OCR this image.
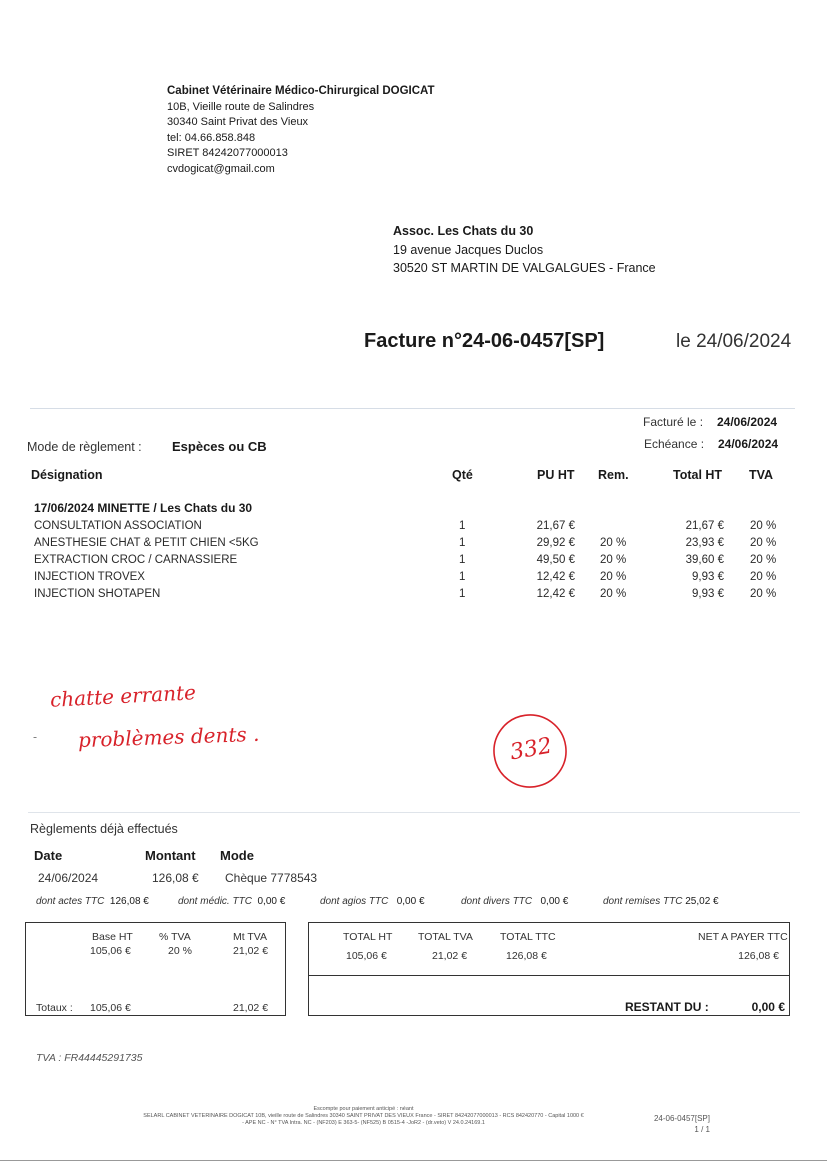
Cabinet Vétérinaire Médico-Chirurgical DOGICAT
10B, Vieille route de Salindres
30340 Saint Privat des Vieux
tel: 04.66.858.848
SIRET 84242077000013
cvdogicat@gmail.com
Assoc. Les Chats du 30
19 avenue Jacques Duclos
30520 ST MARTIN DE VALGALGUES - France
Facture n°24-06-0457[SP]	le 24/06/2024
Facturé le : 24/06/2024
Echéance : 24/06/2024
Mode de règlement : Espèces ou CB
Désignation	Qté	PU HT Rem.	Total HT TVA
17/06/2024 MINETTE / Les Chats du 30
CONSULTATION ASSOCIATION	1	21,67 €	21,67 € 20 %
ANESTHESIE CHAT & PETIT CHIEN <5KG	1	29,92 € 20 %	23,93 € 20 %
EXTRACTION CROC / CARNASSIERE	1	49,50 € 20 %	39,60 € 20 %
INJECTION TROVEX	1	12,42 € 20 %	9,93 € 20 %
INJECTION SHOTAPEN	1	12,42 € 20 %	9,93 € 20 %
chatte errante
- problèmes dents .	332
Règlements déjà effectués
Date	Montant Mode
24/06/2024	126,08 € Chèque 7778543
dont actes TTC 126,08 €	dont médic. TTC 0,00 €	dont agios TTC 0,00 €	dont divers TTC 0,00 €	dont remises TTC 25,02 €
Base HT % TVA	Mt TVA
105,06 €	20 %	21,02 €
Totaux : 105,06 €	21,02 €
TOTAL HT TOTAL TVA	TOTAL TTC	NET A PAYER TTC
105,06 €	21,02 €	126,08 €	126,08 €
RESTANT DU :	0,00 €
TVA : FR44445291735
Escompte pour paiement anticipé : néant
SELARL CABINET VETERINAIRE DOGICAT 10B, vieille route de Salindres 30340 SAINT PRIVAT DES VIEUX France - SIRET 84242077000013 - RCS 842420770 - Capital 1000 €
- APE NC - N° TVA Intra. NC - (NF203) E 363-5- (NF525) B 0515-4 -JoR2 - (dr.veto) V 24.0.24169.1	24-06-0457[SP]
1 / 1
